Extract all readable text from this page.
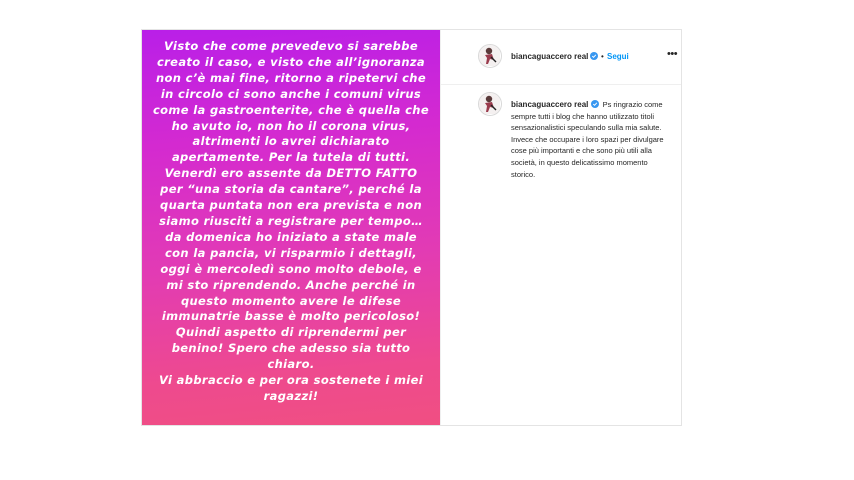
Visto che come prevedevo si sarebbe
creato il caso, e visto che all’ignoranza
non c’è mai fine, ritorno a ripetervi che
in circolo ci sono anche i comuni virus
come la gastroenterite, che è quella che
ho avuto io, non ho il corona virus,
altrimenti lo avrei dichiarato
apertamente. Per la tutela di tutti.
Venerdì ero assente da DETTO FATTO
per “una storia da cantare”, perché la
quarta puntata non era prevista e non
siamo riusciti a registrare per tempo…
da domenica ho iniziato a state male
con la pancia, vi risparmio i dettagli,
oggi è mercoledì sono molto debole, e
mi sto riprendendo. Anche perché in
questo momento avere le difese
immunatrie basse è molto pericoloso!
Quindi aspetto di riprendermi per
benino! Spero che adesso sia tutto
chiaro.
Vi abbraccio e per ora sostenete i miei
ragazzi!

biancaguaccero real • Segui	•••
biancaguaccero real Ps ringrazio come sempre tutti i blog che hanno utilizzato titoli sensazionalistici speculando sulla mia salute. Invece che occupare i loro spazi per divulgare cose più importanti e che sono più utili alla società, in questo delicatissimo momento storico.
